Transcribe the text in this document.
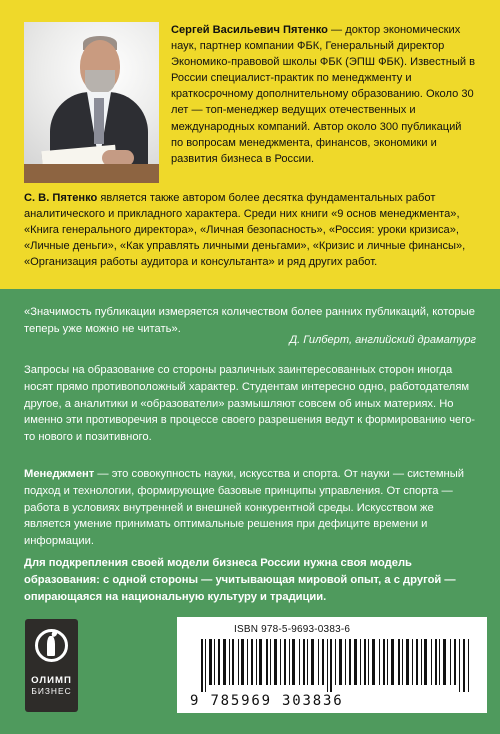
Сергей Васильевич Пятенко — доктор экономических наук, партнер компании ФБК, Генеральный директор Экономико-правовой школы ФБК (ЭПШ ФБК). Известный в России специалист-практик по менеджменту и краткосрочному дополнительному образованию. Около 30 лет — топ-менеджер ведущих отечественных и международных компаний. Автор около 300 публикаций по вопросам менеджмента, финансов, экономики и развития бизнеса в России.
С. В. Пятенко является также автором более десятка фундаментальных работ аналитического и прикладного характера. Среди них книги «9 основ менеджмента», «Книга генерального директора», «Личная безопасность», «Россия: уроки кризиса», «Личные деньги», «Как управлять личными деньгами», «Кризис и личные финансы», «Организация работы аудитора и консультанта» и ряд других работ.
«Значимость публикации измеряется количеством более ранних публикаций, которые теперь уже можно не читать».
Д. Гилберт, английский драматург
Запросы на образование со стороны различных заинтересованных сторон иногда носят прямо противоположный характер. Студентам интересно одно, работодателям другое, а аналитики и «образователи» размышляют совсем об иных материях. Но именно эти противоречия в процессе своего разрешения ведут к формированию чего-то нового и позитивного.
Менеджмент — это совокупность науки, искусства и спорта. От науки — системный подход и технологии, формирующие базовые принципы управления. От спорта — работа в условиях внутренней и внешней конкурентной среды. Искусством же является умение принимать оптимальные решения при дефиците времени и информации.
Для подкрепления своей модели бизнеса России нужна своя модель образования: с одной стороны — учитывающая мировой опыт, а с другой — опирающаяся на национальную культуру и традиции.
ОЛИМП
БИЗНЕС
ISBN 978-5-9693-0383-6
9 785969 303836
